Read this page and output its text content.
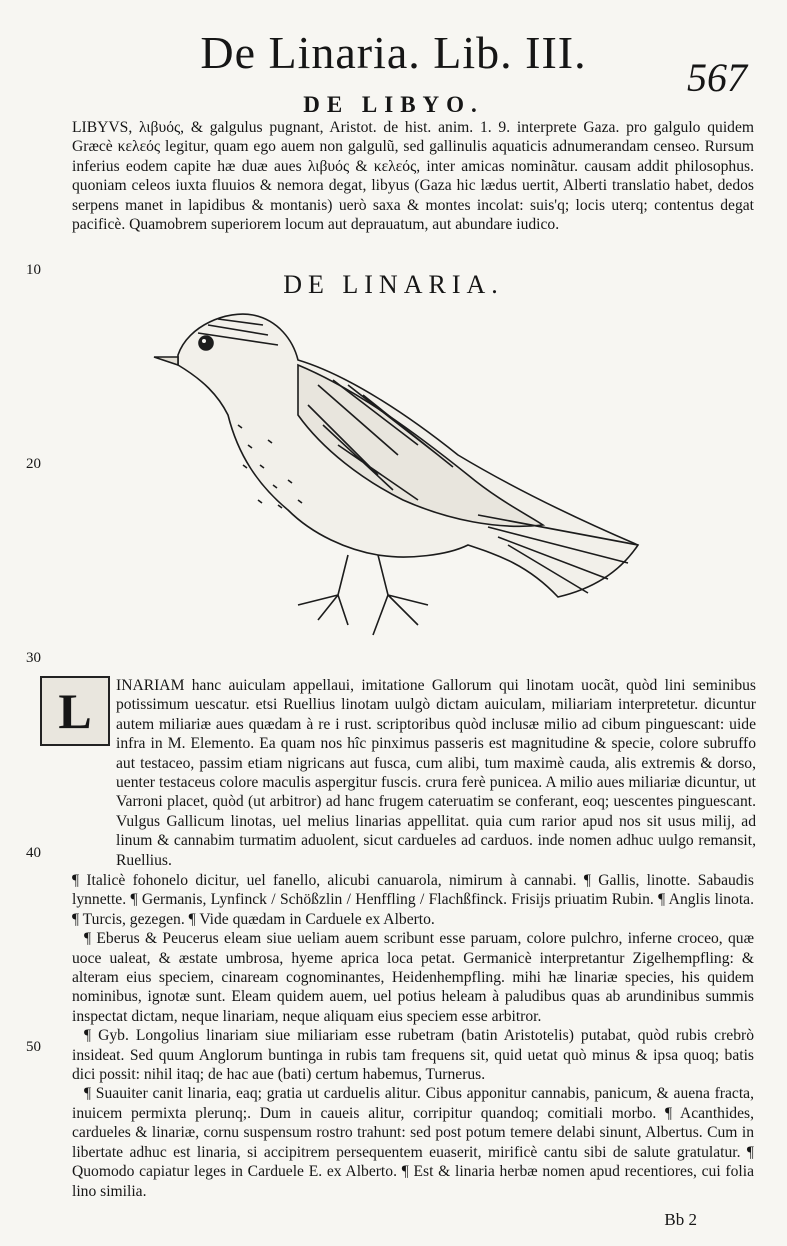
De Linaria. Lib. III.	567
DE LIBYO.

LIBYVS, λιβυός, & galgulus pugnant, Aristot. de hist. anim. 1. 9. interprete Gaza. pro galgulo quidem Græcè κελεός legitur, quam ego auem non galgulũ, sed gallinulis aquaticis adnumerandam censeo. Rursum inferius eodem capite hæ duæ aues λιβυός & κελεός, inter amicas nominãtur. causam addit philosophus. quoniam celeos iuxta fluuios & nemora degat, libyus (Gaza hic lædus uertit, Alberti translatio habet, dedos serpens manet in lapidibus & montanis) uerò saxa & montes incolat: suis'q; locis uterq; contentus degat pacificè. Quamobrem superiorem locum aut deprauatum, aut abundare iudico.

10
20
30
40
50
DE LINARIA.
L	INARIAM hanc auiculam appellaui, imitatione Gallorum qui linotam uocãt, quòd lini seminibus potissimum uescatur. etsi Ruellius linotam uulgò dictam auiculam, miliariam interpretetur. dicuntur autem miliariæ aues quædam à re i rust. scriptoribus quòd inclusæ milio ad cibum pinguescant: uide infra in M. Elemento. Ea quam nos hîc pinximus passeris est magnitudine & specie, colore subruffo aut testaceo, passim etiam nigricans aut fusca, cum alibi, tum maximè cauda, alis extremis & dorso, uenter testaceus colore maculis aspergitur fuscis. crura ferè punicea. A milio aues miliariæ dicuntur, ut Varroni placet, quòd (ut arbitror) ad hanc frugem cateruatim se conferant, eoq; uescentes pinguescant. Vulgus Gallicum linotas, uel melius linarias appellitat. quia cum rarior apud nos sit usus milij, ad linum & cannabim turmatim aduolent, sicut cardueles ad carduos. inde nomen adhuc uulgo remansit, Ruellius.

¶ Italicè fohonelo dicitur, uel fanello, alicubi canuarola, nimirum à cannabi. ¶ Gallis, linotte. Sabaudis lynnette. ¶ Germanis, Lynfinck / Schößzlin / Henffling / Flachßfinck. Frisijs priuatim Rubin. ¶ Anglis linota. ¶ Turcis, gezegen. ¶ Vide quædam in Carduele ex Alberto.

¶ Eberus & Peucerus eleam siue ueliam auem scribunt esse paruam, colore pulchro, inferne croceo, quæ uoce ualeat, & æstate umbrosa, hyeme aprica loca petat. Germanicè interpretantur Zigelhempfling: & alteram eius speciem, cinaream cognominantes, Heidenhempfling. mihi hæ linariæ species, his quidem nominibus, ignotæ sunt. Eleam quidem auem, uel potius heleam à paludibus quas ab arundinibus summis inspectat dictam, neque linariam, neque aliquam eius speciem esse arbitror.

¶ Gyb. Longolius linariam siue miliariam esse rubetram (batin Aristotelis) putabat, quòd rubis crebrò insideat. Sed quum Anglorum buntinga in rubis tam frequens sit, quid uetat quò minus & ipsa quoq; batis dici possit: nihil itaq; de hac aue (bati) certum habemus, Turnerus.

¶ Suauiter canit linaria, eaq; gratia ut carduelis alitur. Cibus apponitur cannabis, panicum, & auena fracta, inuicem permixta plerunq;. Dum in caueis alitur, corripitur quandoq; comitiali morbo. ¶ Acanthides, cardueles & linariæ, cornu suspensum rostro trahunt: sed post potum temere delabi sinunt, Albertus. Cum in libertate adhuc est linaria, si accipitrem persequentem euaserit, mirificè cantu sibi de salute gratulatur. ¶ Quomodo capiatur leges in Carduele E. ex Alberto. ¶ Est & linaria herbæ nomen apud recentiores, cui folia lino similia.

Bb 2
